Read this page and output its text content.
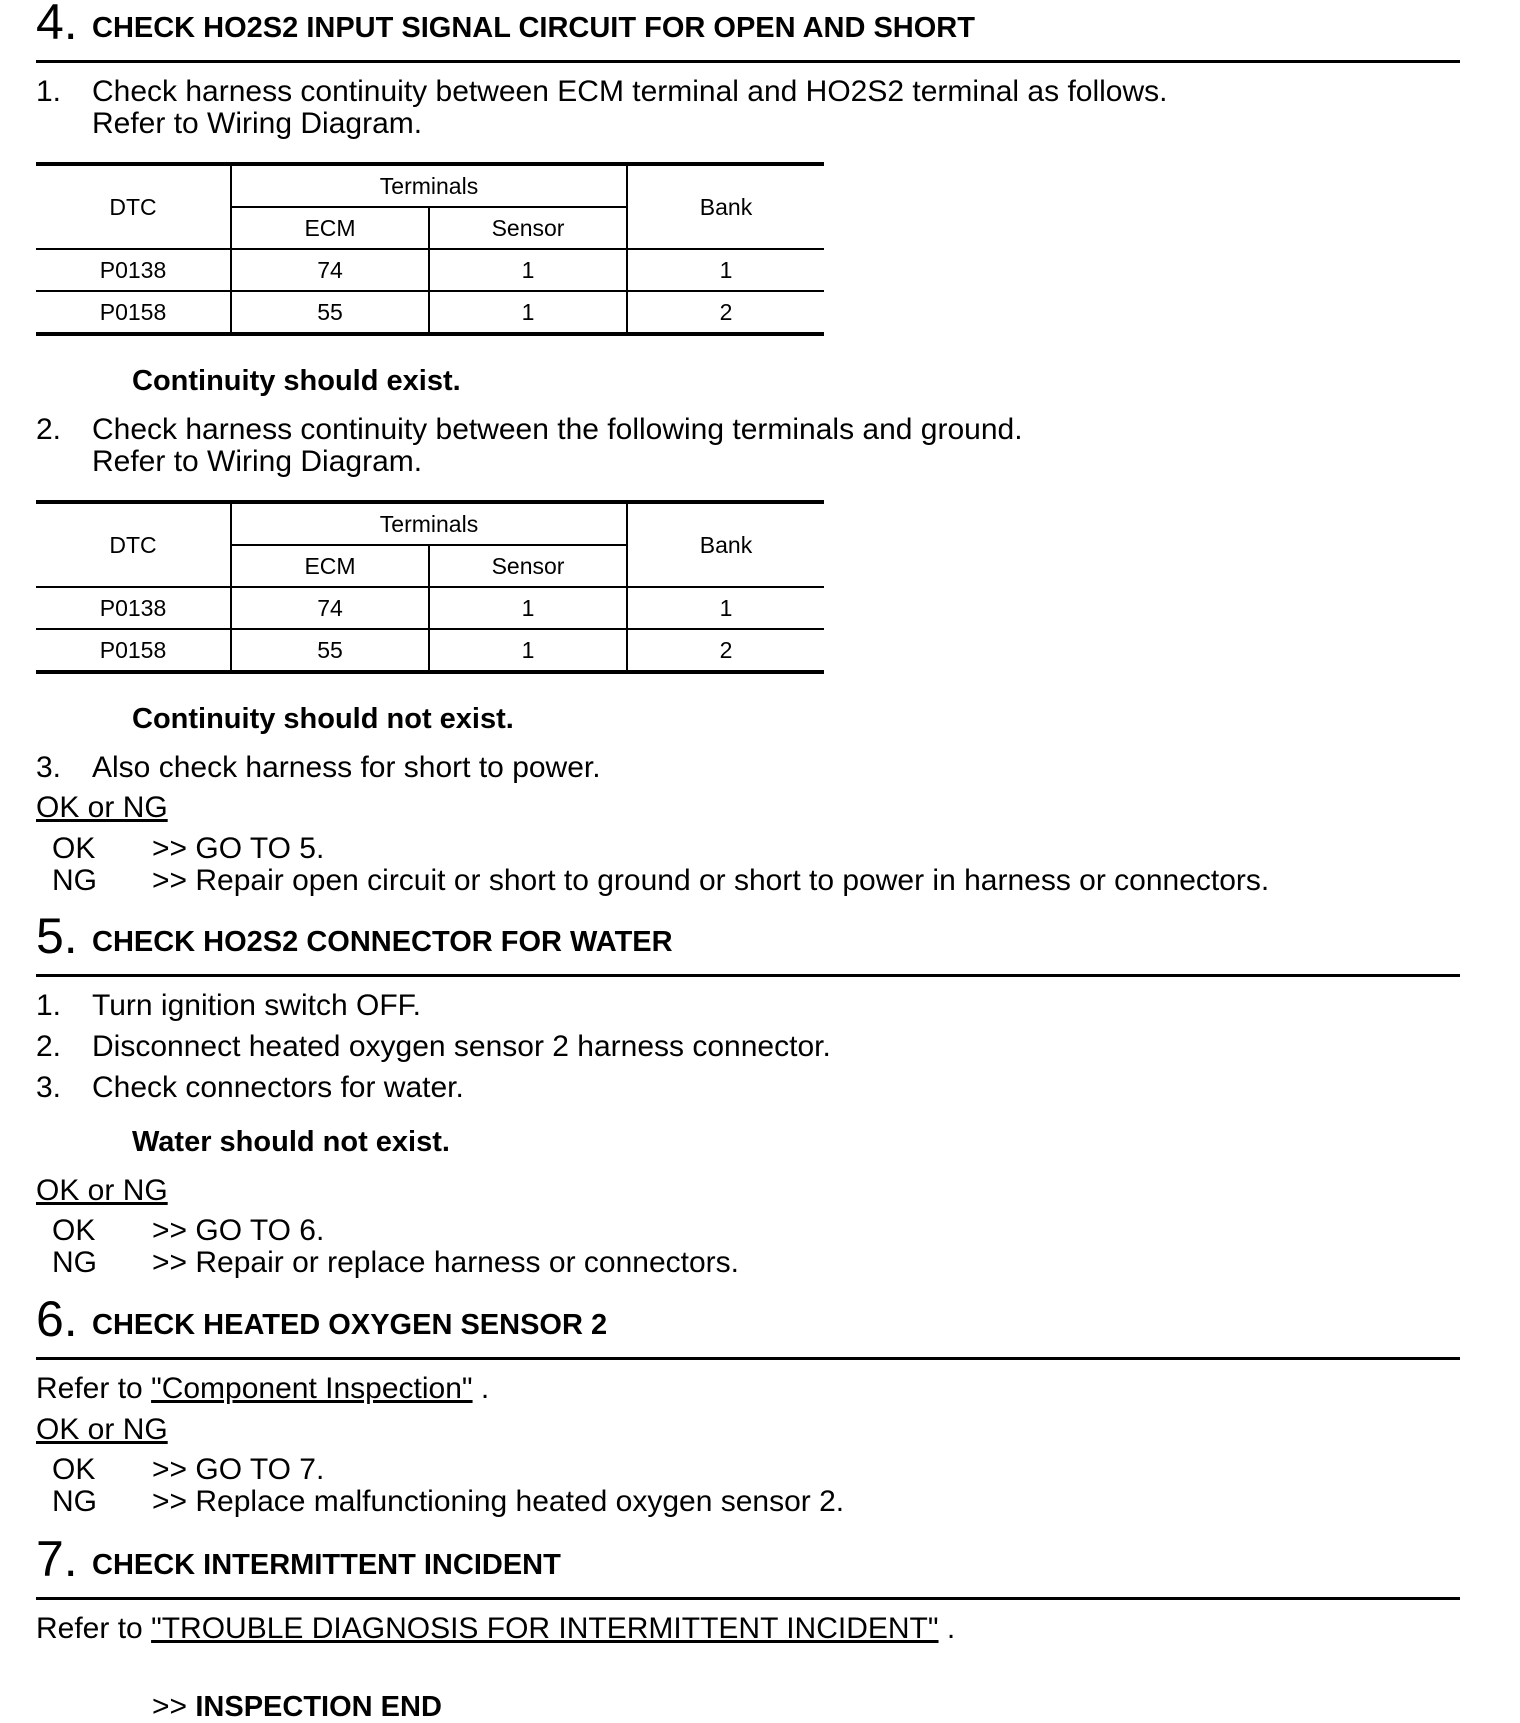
4. CHECK HO2S2 INPUT SIGNAL CIRCUIT FOR OPEN AND SHORT
1. Check harness continuity between ECM terminal and HO2S2 terminal as follows.
Refer to Wiring Diagram.
DTC	Terminals		Bank
	ECM	Sensor	
P0138	74	1	1
P0158	55	1	2
Continuity should exist.
2. Check harness continuity between the following terminals and ground.
Refer to Wiring Diagram.
DTC	Terminals		Bank
	ECM	Sensor	
P0138	74	1	1
P0158	55	1	2
Continuity should not exist.
3. Also check harness for short to power.
OK or NG
OK >> GO TO 5.
NG >> Repair open circuit or short to ground or short to power in harness or connectors.
5. CHECK HO2S2 CONNECTOR FOR WATER
1. Turn ignition switch OFF.
2. Disconnect heated oxygen sensor 2 harness connector.
3. Check connectors for water.
Water should not exist.
OK or NG
OK >> GO TO 6.
NG >> Repair or replace harness or connectors.
6. CHECK HEATED OXYGEN SENSOR 2
Refer to "Component Inspection" .
OK or NG
OK >> GO TO 7.
NG >> Replace malfunctioning heated oxygen sensor 2.
7. CHECK INTERMITTENT INCIDENT
Refer to "TROUBLE DIAGNOSIS FOR INTERMITTENT INCIDENT" .
>> INSPECTION END
